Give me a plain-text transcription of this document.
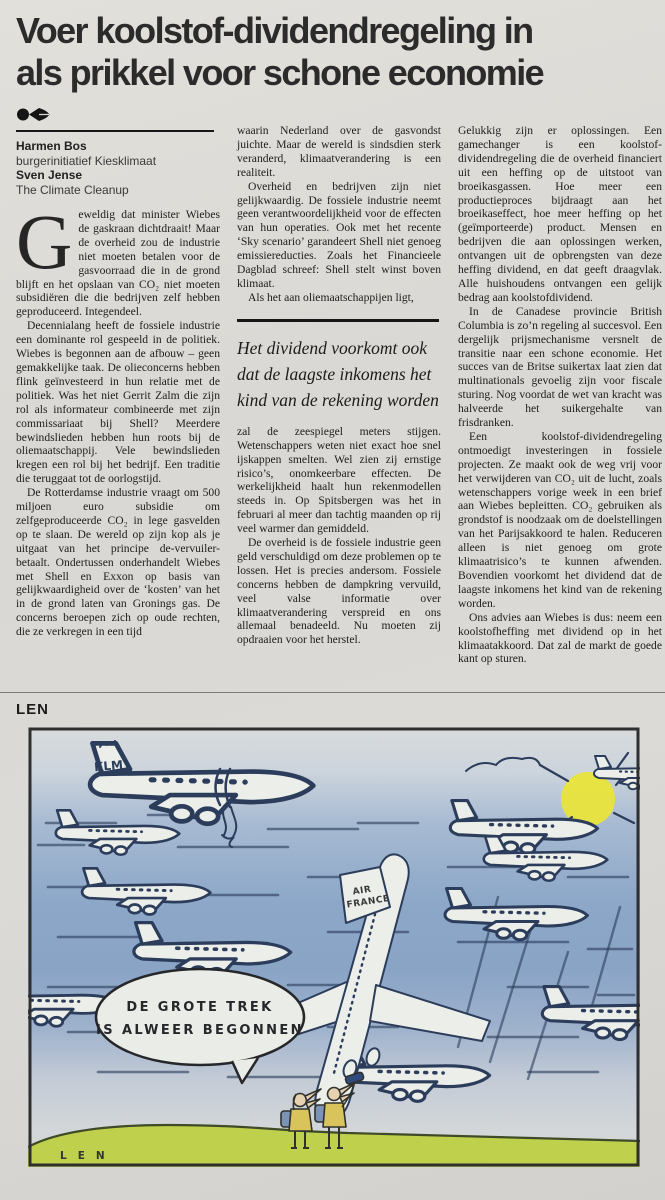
Voer koolstof-dividendregeling in
als prikkel voor schone economie
Harmen Bos
burgerinitiatief Kiesklimaat
Sven Jense
The Climate Cleanup

Geweldig dat minister Wiebes de gaskraan dichtdraait! Maar de overheid zou de industrie niet moeten betalen voor de gasvoorraad die in de grond blijft en het opslaan van CO₂ niet moeten subsidiëren die die bedrijven zelf hebben geproduceerd. Integendeel.

Decennialang heeft de fossiele industrie een dominante rol gespeeld in de politiek. Wiebes is begonnen aan de afbouw – geen gemakkelijke taak. De olieconcerns hebben flink geïnvesteerd in hun relatie met de politiek. Was het niet Gerrit Zalm die zijn rol als informateur combineerde met zijn commissariaat bij Shell? Meerdere bewindslieden hebben hun roots bij de oliemaatschappij. Vele bewindslieden kregen een rol bij het bedrijf. Een traditie die teruggaat tot de oorlogstijd.

De Rotterdamse industrie vraagt om 500 miljoen euro subsidie om zelfgeproduceerde CO₂ in lege gasvelden op te slaan. De wereld op zijn kop als je uitgaat van het principe de-vervuiler-betaalt. Ondertussen onderhandelt Wiebes met Shell en Exxon op basis van gelijkwaardigheid over de ‘kosten’ van het in de grond laten van Gronings gas. De concerns beroepen zich op oude rechten, die ze verkregen in een tijd

waarin Nederland over de gasvondst juichte. Maar de wereld is sindsdien sterk veranderd, klimaatverandering is een realiteit.

Overheid en bedrijven zijn niet gelijkwaardig. De fossiele industrie neemt geen verantwoordelijkheid voor de effecten van hun operaties. Ook met het recente ‘Sky scenario’ garandeert Shell niet genoeg emissiereducties. Zoals het Financieele Dagblad schreef: Shell stelt winst boven klimaat.

Als het aan oliemaatschappijen ligt,

Het dividend voorkomt ook dat de laagste inkomens het kind van de rekening worden

zal de zeespiegel meters stijgen. Wetenschappers weten niet exact hoe snel ijskappen smelten. Wel zien zij ernstige risico’s, onomkeerbare effecten. De werkelijkheid haalt hun rekenmodellen steeds in. Op Spitsbergen was het in februari al meer dan tachtig maanden op rij veel warmer dan gemiddeld.

De overheid is de fossiele industrie geen geld verschuldigd om deze problemen op te lossen. Het is precies andersom. Fossiele concerns hebben de dampkring vervuild, veel valse informatie over klimaatverandering verspreid en ons allemaal benadeeld. Nu moeten zij opdraaien voor het herstel.

Gelukkig zijn er oplossingen. Een gamechanger is een koolstof-dividendregeling die de overheid financiert uit een heffing op de uitstoot van broeikasgassen. Hoe meer een productieproces bijdraagt aan het broeikaseffect, hoe meer heffing op het (geïmporteerde) product. Mensen en bedrijven die aan oplossingen werken, ontvangen uit de opbrengsten van deze heffing dividend, en dat geeft draagvlak. Alle huishoudens ontvangen een gelijk bedrag aan koolstofdividend.

In de Canadese provincie British Columbia is zo’n regeling al succesvol. Een dergelijk prijsmechanisme versnelt de transitie naar een schone economie. Het succes van de Britse suikertax laat zien dat multinationals gevoelig zijn voor fiscale sturing. Nog voordat de wet van kracht was halveerde het suikergehalte van frisdranken.

Een koolstof-dividendregeling ontmoedigt investeringen in fossiele projecten. Ze maakt ook de weg vrij voor het verwijderen van CO₂ uit de lucht, zoals wetenschappers vorige week in een brief aan Wiebes bepleitten. CO₂ gebruiken als grondstof is noodzaak om de doelstellingen van het Parijsakkoord te halen. Reduceren alleen is niet genoeg om grote klimaatrisico’s te kunnen afwenden. Bovendien voorkomt het dividend dat de laagste inkomens het kind van de rekening worden.

Ons advies aan Wiebes is dus: neem een koolstofheffing met dividend op in het klimaatakkoord. Dat zal de markt de goede kant op sturen.

LEN
KLM
AIR
FRANCE
DE GROTE TREK
IS ALWEER BEGONNEN
LEN
